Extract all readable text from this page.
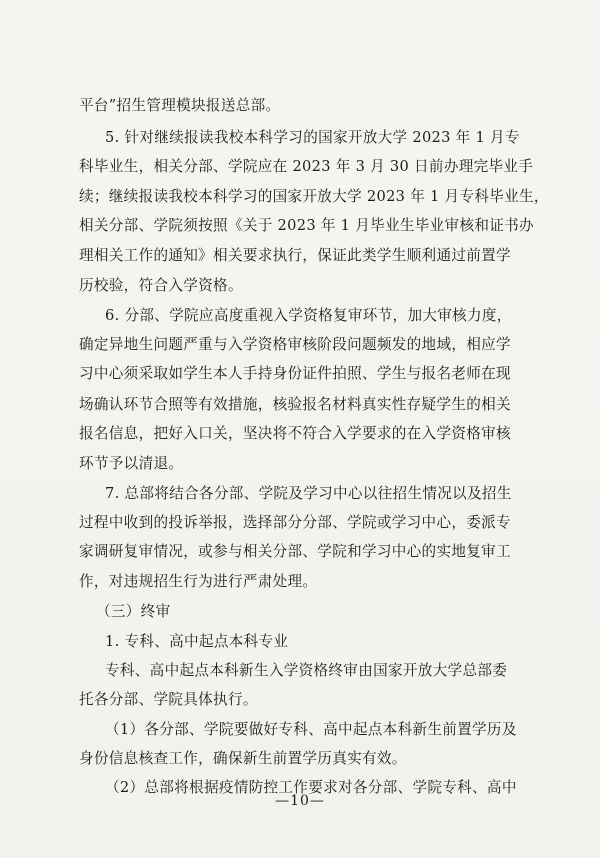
平台”招生管理模块报送总部。
5. 针对继续报读我校本科学习的国家开放大学 2023 年 1 月专
科毕业生，相关分部、学院应在 2023 年 3 月 30 日前办理完毕业手
续；继续报读我校本科学习的国家开放大学 2023 年 1 月专科毕业生，
相关分部、学院须按照《关于 2023 年 1 月毕业生毕业审核和证书办
理相关工作的通知》相关要求执行，保证此类学生顺利通过前置学
历校验，符合入学资格。
6. 分部、学院应高度重视入学资格复审环节，加大审核力度，
确定异地生问题严重与入学资格审核阶段问题频发的地域，相应学
习中心须采取如学生本人手持身份证件拍照、学生与报名老师在现
场确认环节合照等有效措施，核验报名材料真实性存疑学生的相关
报名信息，把好入口关，坚决将不符合入学要求的在入学资格审核
环节予以清退。
7. 总部将结合各分部、学院及学习中心以往招生情况以及招生
过程中收到的投诉举报，选择部分分部、学院或学习中心，委派专
家调研复审情况，或参与相关分部、学院和学习中心的实地复审工
作，对违规招生行为进行严肃处理。
（三）终审
1. 专科、高中起点本科专业
专科、高中起点本科新生入学资格终审由国家开放大学总部委
托各分部、学院具体执行。
（1）各分部、学院要做好专科、高中起点本科新生前置学历及
身份信息核查工作，确保新生前置学历真实有效。
（2）总部将根据疫情防控工作要求对各分部、学院专科、高中
—10—
